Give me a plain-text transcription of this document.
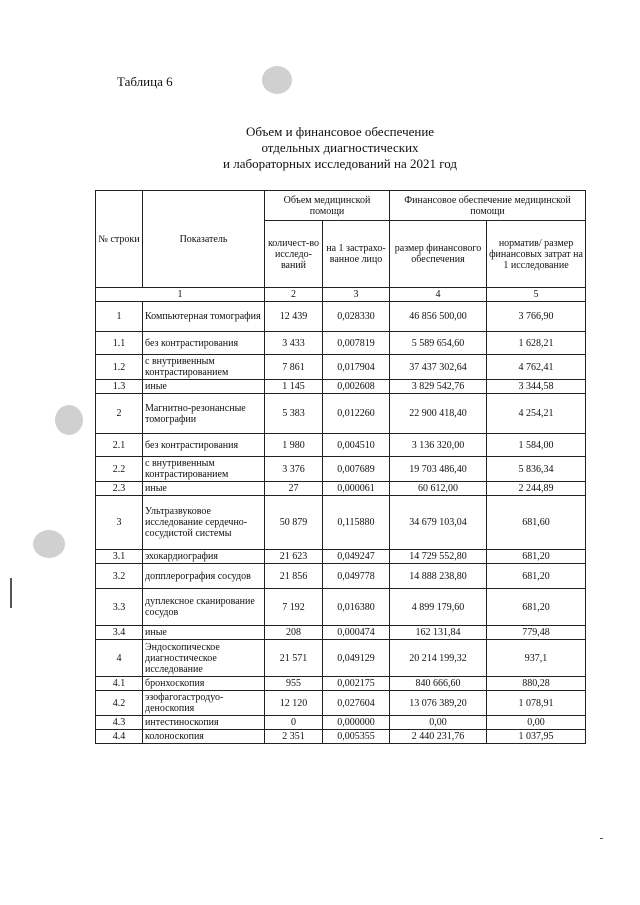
Таблица 6
Объем и финансовое обеспечение
отдельных диагностических
и лабораторных исследований на 2021 год
№ строки	Показатель	Объем медицинской помощи		Финансовое обеспечение медицинской помощи	
		количест-во исследо-ваний	на 1 застрахо-ванное лицо	размер финансового обеспечения	норматив/ размер финансовых затрат на 1 исследование
1		2	3	4	5
1	Компьютерная томография	12 439	0,028330	46 856 500,00	3 766,90
1.1	без контрастирования	3 433	0,007819	5 589 654,60	1 628,21
1.2	с внутривенным контрастированием	7 861	0,017904	37 437 302,64	4 762,41
1.3	иные	1 145	0,002608	3 829 542,76	3 344,58
2	Магнитно-резонансные томографии	5 383	0,012260	22 900 418,40	4 254,21
2.1	без контрастирования	1 980	0,004510	3 136 320,00	1 584,00
2.2	с внутривенным контрастированием	3 376	0,007689	19 703 486,40	5 836,34
2.3	иные	27	0,000061	60 612,00	2 244,89
3	Ультразвуковое исследование сердечно-сосудистой системы	50 879	0,115880	34 679 103,04	681,60
3.1	эхокардиография	21 623	0,049247	14 729 552,80	681,20
3.2	допплерография сосудов	21 856	0,049778	14 888 238,80	681,20
3.3	дуплексное сканирование сосудов	7 192	0,016380	4 899 179,60	681,20
3.4	иные	208	0,000474	162 131,84	779,48
4	Эндоскопическое диагностическое исследование	21 571	0,049129	20 214 199,32	937,1
4.1	бронхоскопия	955	0,002175	840 666,60	880,28
4.2	эзофагогастродуо-деноскопия	12 120	0,027604	13 076 389,20	1 078,91
4.3	интестиноскопия	0	0,000000	0,00	0,00
4.4	колоноскопия	2 351	0,005355	2 440 231,76	1 037,95
